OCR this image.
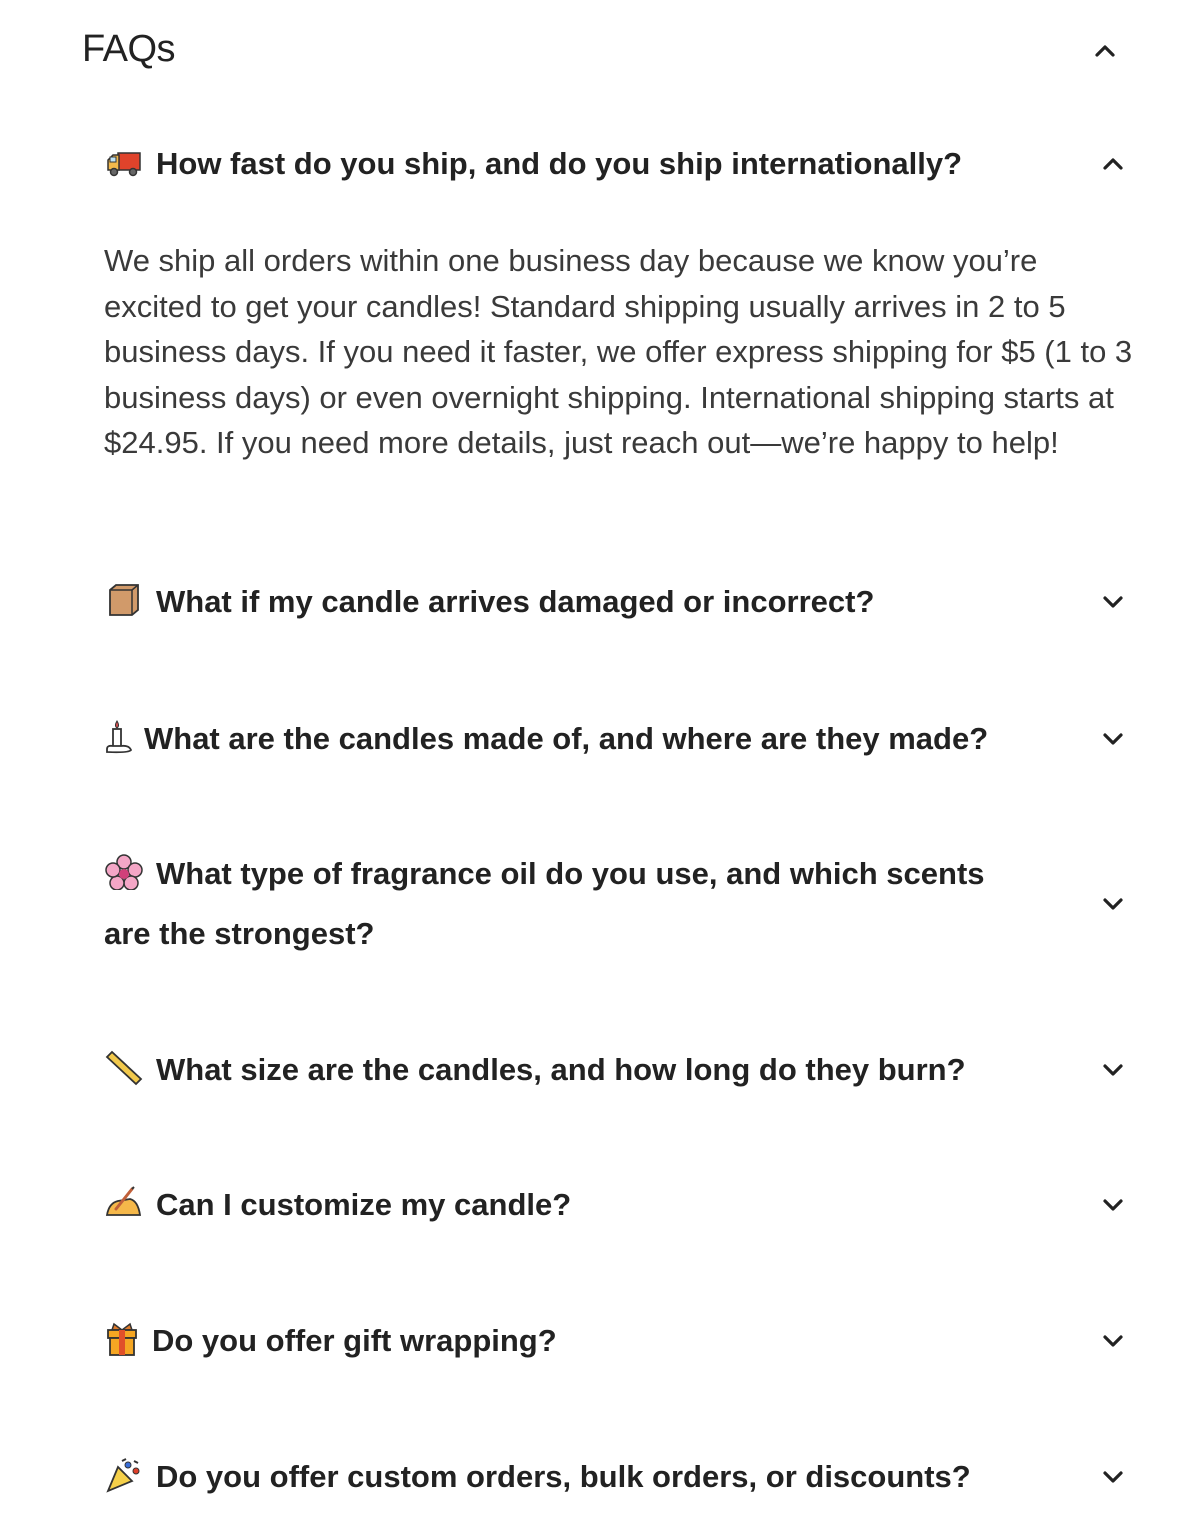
FAQs
How fast do you ship, and do you ship internationally?
We ship all orders within one business day because we know you’re excited to get your candles! Standard shipping usually arrives in 2 to 5 business days. If you need it faster, we offer express shipping for $5 (1 to 3 business days) or even overnight shipping. International shipping starts at $24.95. If you need more details, just reach out—we’re happy to help!
What if my candle arrives damaged or incorrect?
What are the candles made of, and where are they made?
What type of fragrance oil do you use, and which scents are the strongest?
What size are the candles, and how long do they burn?
Can I customize my candle?
Do you offer gift wrapping?
Do you offer custom orders, bulk orders, or discounts?
